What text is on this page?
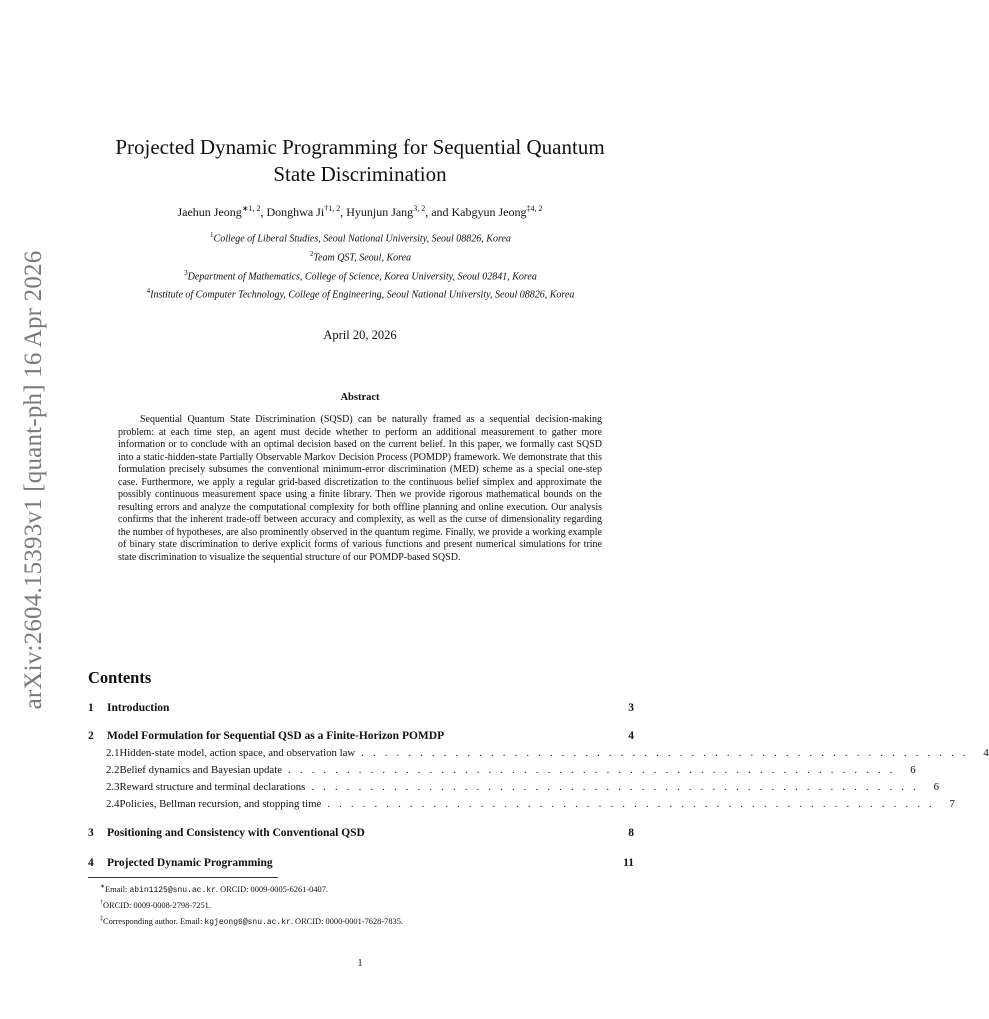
arXiv:2604.15393v1 [quant-ph] 16 Apr 2026
Projected Dynamic Programming for Sequential Quantum State Discrimination
Jaehun Jeong$^{∗1, 2}$, Donghwa Ji$^{\dagger 1, 2}$, Hyunjun Jang$^{3, 2}$, and Kabgyun Jeong$^{\ddagger 4, 2}$
$^1$College of Liberal Studies, Seoul National University, Seoul 08826, Korea
$^2$Team QST, Seoul, Korea
$^3$Department of Mathematics, College of Science, Korea University, Seoul 02841, Korea
$^4$Institute of Computer Technology, College of Engineering, Seoul National University, Seoul 08826, Korea
April 20, 2026
Abstract
Sequential Quantum State Discrimination (SQSD) can be naturally framed as a sequential decision-making problem: at each time step, an agent must decide whether to perform an additional measurement to gather more information or to conclude with an optimal decision based on the current belief. In this paper, we formally cast SQSD into a static-hidden-state Partially Observable Markov Decision Process (POMDP) framework. We demonstrate that this formulation precisely subsumes the conventional minimum-error discrimination (MED) scheme as a special one-step case. Furthermore, we apply a regular grid-based discretization to the continuous belief simplex and approximate the possibly continuous measurement space using a finite library. Then we provide rigorous mathematical bounds on the resulting errors and analyze the computational complexity for both offline planning and online execution. Our analysis confirms that the inherent trade-off between accuracy and complexity, as well as the curse of dimensionality regarding the number of hypotheses, are also prominently observed in the quantum regime. Finally, we provide a working example of binary state discrimination to derive explicit forms of various functions and present numerical simulations for trine state discrimination to visualize the sequential structure of our POMDP-based SQSD.
Contents
1	Introduction	3
2	Model Formulation for Sequential QSD as a Finite-Horizon POMDP	4
2.1 Hidden-state model, action space, and observation law . . . . . . . . . . . . . . . . . . . . . . . . . . . . . . . . . . . . . . . . . . . . . . . . . . . .	4
2.2 Belief dynamics and Bayesian update . . . . . . . . . . . . . . . . . . . . . . . . . . . . . . . . . . . . . . . . . . . . . . . . . . . .	6
2.3 Reward structure and terminal declarations . . . . . . . . . . . . . . . . . . . . . . . . . . . . . . . . . . . . . . . . . . . . . . . . . . . .	6
2.4 Policies, Bellman recursion, and stopping time . . . . . . . . . . . . . . . . . . . . . . . . . . . . . . . . . . . . . . . . . . . . . . . . . . . .	7
3	Positioning and Consistency with Conventional QSD	8
4	Projected Dynamic Programming	11
∗Email: abin1125@snu.ac.kr. ORCID: 0009-0005-6261-0407.
†ORCID: 0009-0008-2798-7251.
‡Corresponding author. Email: kgjeong6@snu.ac.kr. ORCID: 0000-0001-7628-7835.
1
